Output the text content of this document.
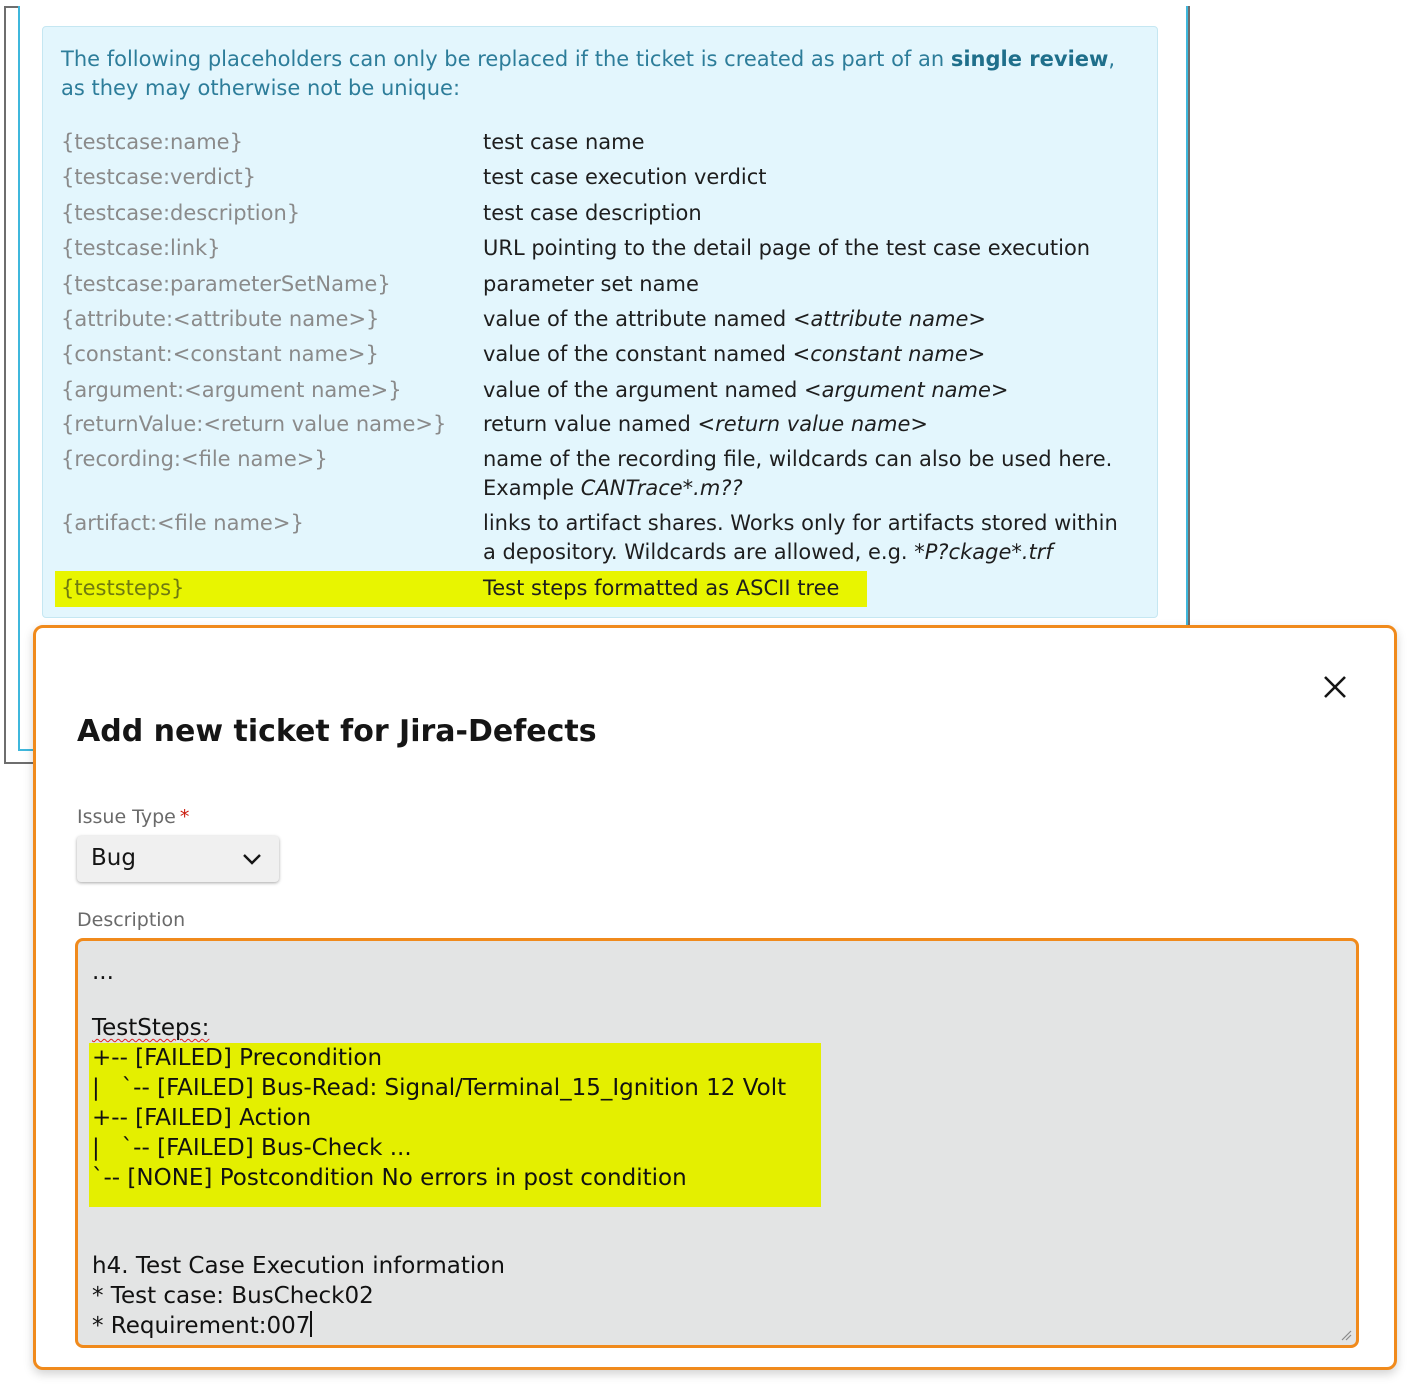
The following placeholders can only be replaced if the ticket is created as part of an single review,
as they may otherwise not be unique:
{testcase:name}	test case name
{testcase:verdict}	test case execution verdict
{testcase:description}	test case description
{testcase:link}	URL pointing to the detail page of the test case execution
{testcase:parameterSetName}	parameter set name
{attribute:<attribute name>}	value of the attribute named <attribute name>
{constant:<constant name>}	value of the constant named <constant name>
{argument:<argument name>}	value of the argument named <argument name>
{returnValue:<return value name>}	return value named <return value name>
{recording:<file name>}	name of the recording file, wildcards can also be used here.
Example CANTrace*.m??
{artifact:<file name>}	links to artifact shares. Works only for artifacts stored within
a depository. Wildcards are allowed, e.g. *P?ckage*.trf
{teststeps}	Test steps formatted as ASCII tree
Add new ticket for Jira-Defects
Issue Type *
Bug
Description
...
TestSteps:
+-- [FAILED] Precondition
|   `-- [FAILED] Bus-Read: Signal/Terminal_15_Ignition 12 Volt
+-- [FAILED] Action
|   `-- [FAILED] Bus-Check ...
`-- [NONE] Postcondition No errors in post condition
h4. Test Case Execution information
* Test case: BusCheck02
* Requirement:007
